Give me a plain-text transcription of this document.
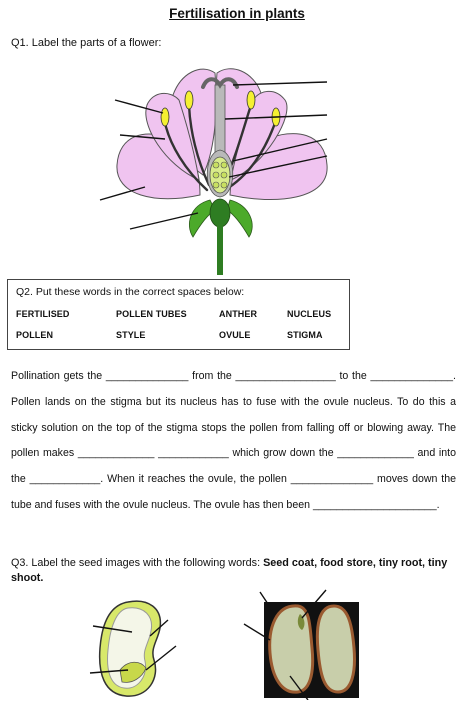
Fertilisation in plants
Q1. Label the parts of a flower:
Q2. Put these words in the correct spaces below:
FERTILISED	POLLEN TUBES	ANTHER	NUCLEUS
POLLEN	STYLE	OVULE	STIGMA
Pollination gets the ______________ from the _________________ to the ______________. Pollen lands on the stigma but its nucleus has to fuse with the ovule nucleus. To do this a sticky solution on the top of the stigma stops the pollen from falling off or blowing away. The pollen makes _____________ ____________ which grow down the _____________ and into the ____________. When it reaches the ovule, the pollen ______________ moves down the tube and fuses with the ovule nucleus. The ovule has then been _____________________.
Q3. Label the seed images with the following words: Seed coat, food store, tiny root, tiny shoot.
